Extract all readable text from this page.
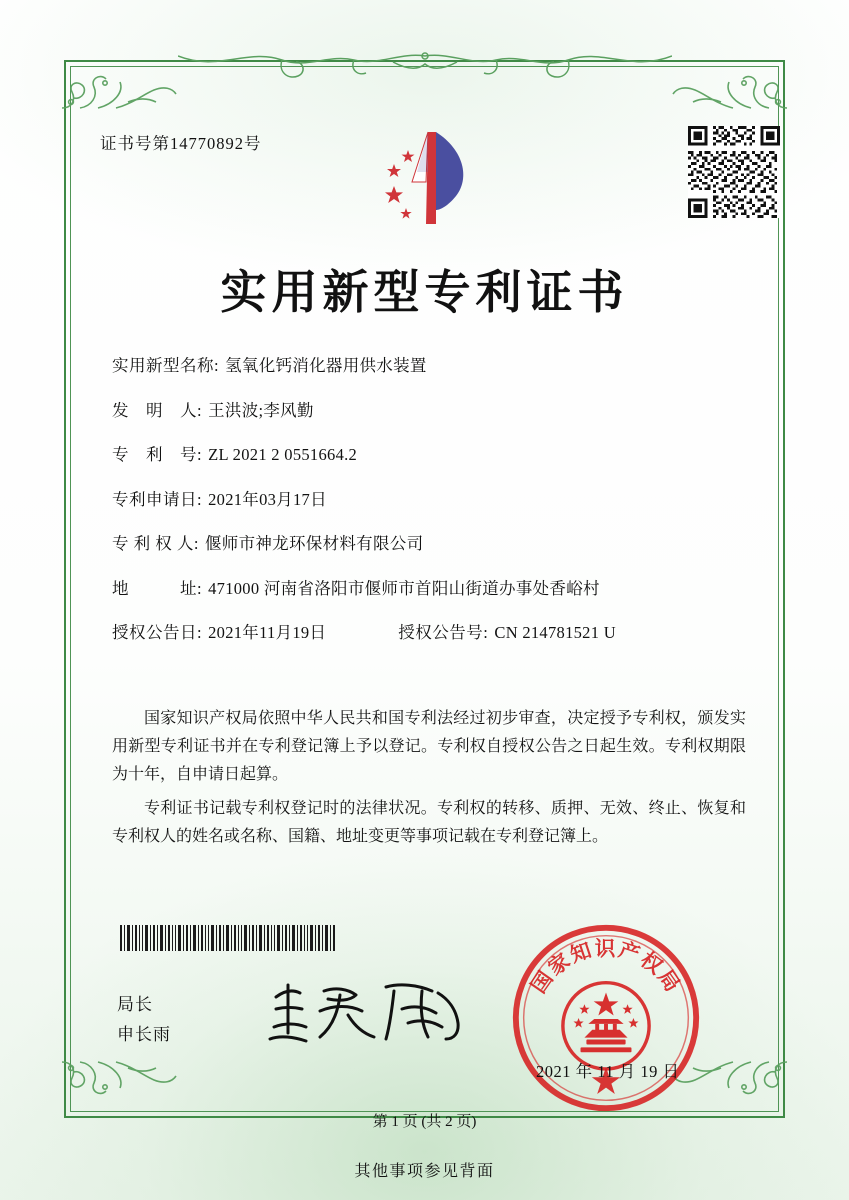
证书号第14770892号
实用新型专利证书
实用新型名称: 氢氧化钙消化器用供水装置
发　明　人: 王洪波;李风勤
专　利　号: ZL 2021 2 0551664.2
专利申请日: 2021年03月17日
专 利 权 人: 偃师市神龙环保材料有限公司
地　　　址: 471000 河南省洛阳市偃师市首阳山街道办事处香峪村
授权公告日: 2021年11月19日	授权公告号: CN 214781521 U

国家知识产权局依照中华人民共和国专利法经过初步审查，决定授予专利权，颁发实用新型专利证书并在专利登记簿上予以登记。专利权自授权公告之日起生效。专利权期限为十年，自申请日起算。

专利证书记载专利权登记时的法律状况。专利权的转移、质押、无效、终止、恢复和专利权人的姓名或名称、国籍、地址变更等事项记载在专利登记簿上。

局长
申长雨
国家知识产权局
2021 年 11 月 19 日
第 1 页 (共 2 页)
其他事项参见背面
